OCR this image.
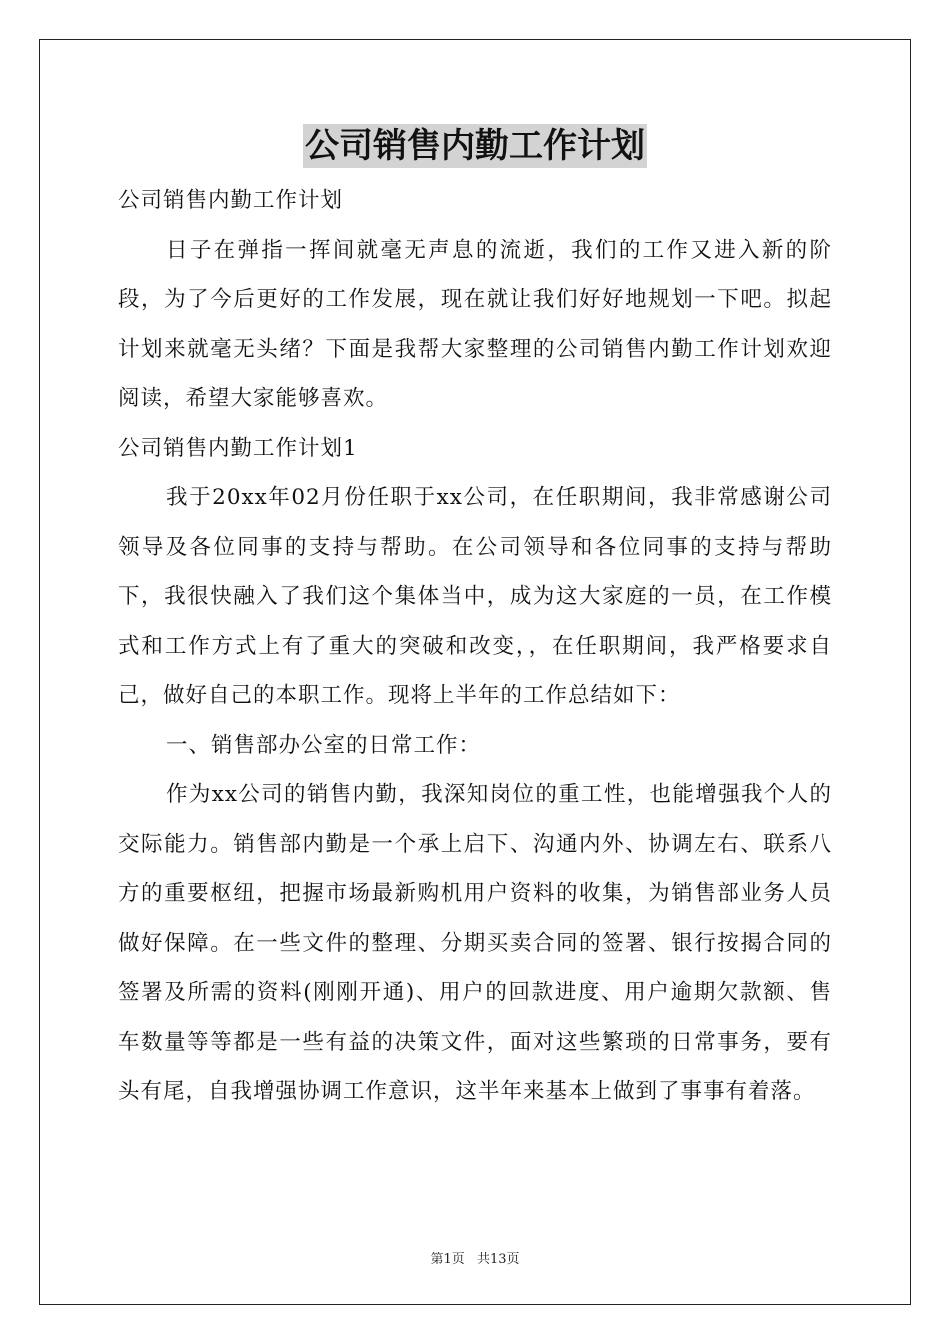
公司销售内勤工作计划

公司销售内勤工作计划

日子在弹指一挥间就毫无声息的流逝，我们的工作又进入新的阶段，为了今后更好的工作发展，现在就让我们好好地规划一下吧。拟起计划来就毫无头绪？下面是我帮大家整理的公司销售内勤工作计划欢迎阅读，希望大家能够喜欢。

公司销售内勤工作计划1

我于20xx年02月份任职于xx公司，在任职期间，我非常感谢公司领导及各位同事的支持与帮助。在公司领导和各位同事的支持与帮助下，我很快融入了我们这个集体当中，成为这大家庭的一员，在工作模式和工作方式上有了重大的突破和改变，，在任职期间，我严格要求自己，做好自己的本职工作。现将上半年的工作总结如下：

一、销售部办公室的日常工作：

作为xx公司的销售内勤，我深知岗位的重工性，也能增强我个人的交际能力。销售部内勤是一个承上启下、沟通内外、协调左右、联系八方的重要枢纽，把握市场最新购机用户资料的收集，为销售部业务人员做好保障。在一些文件的整理、分期买卖合同的签署、银行按揭合同的签署及所需的资料(刚刚开通)、用户的回款进度、用户逾期欠款额、售车数量等等都是一些有益的决策文件，面对这些繁琐的日常事务，要有头有尾，自我增强协调工作意识，这半年来基本上做到了事事有着落。

第1页 共13页
